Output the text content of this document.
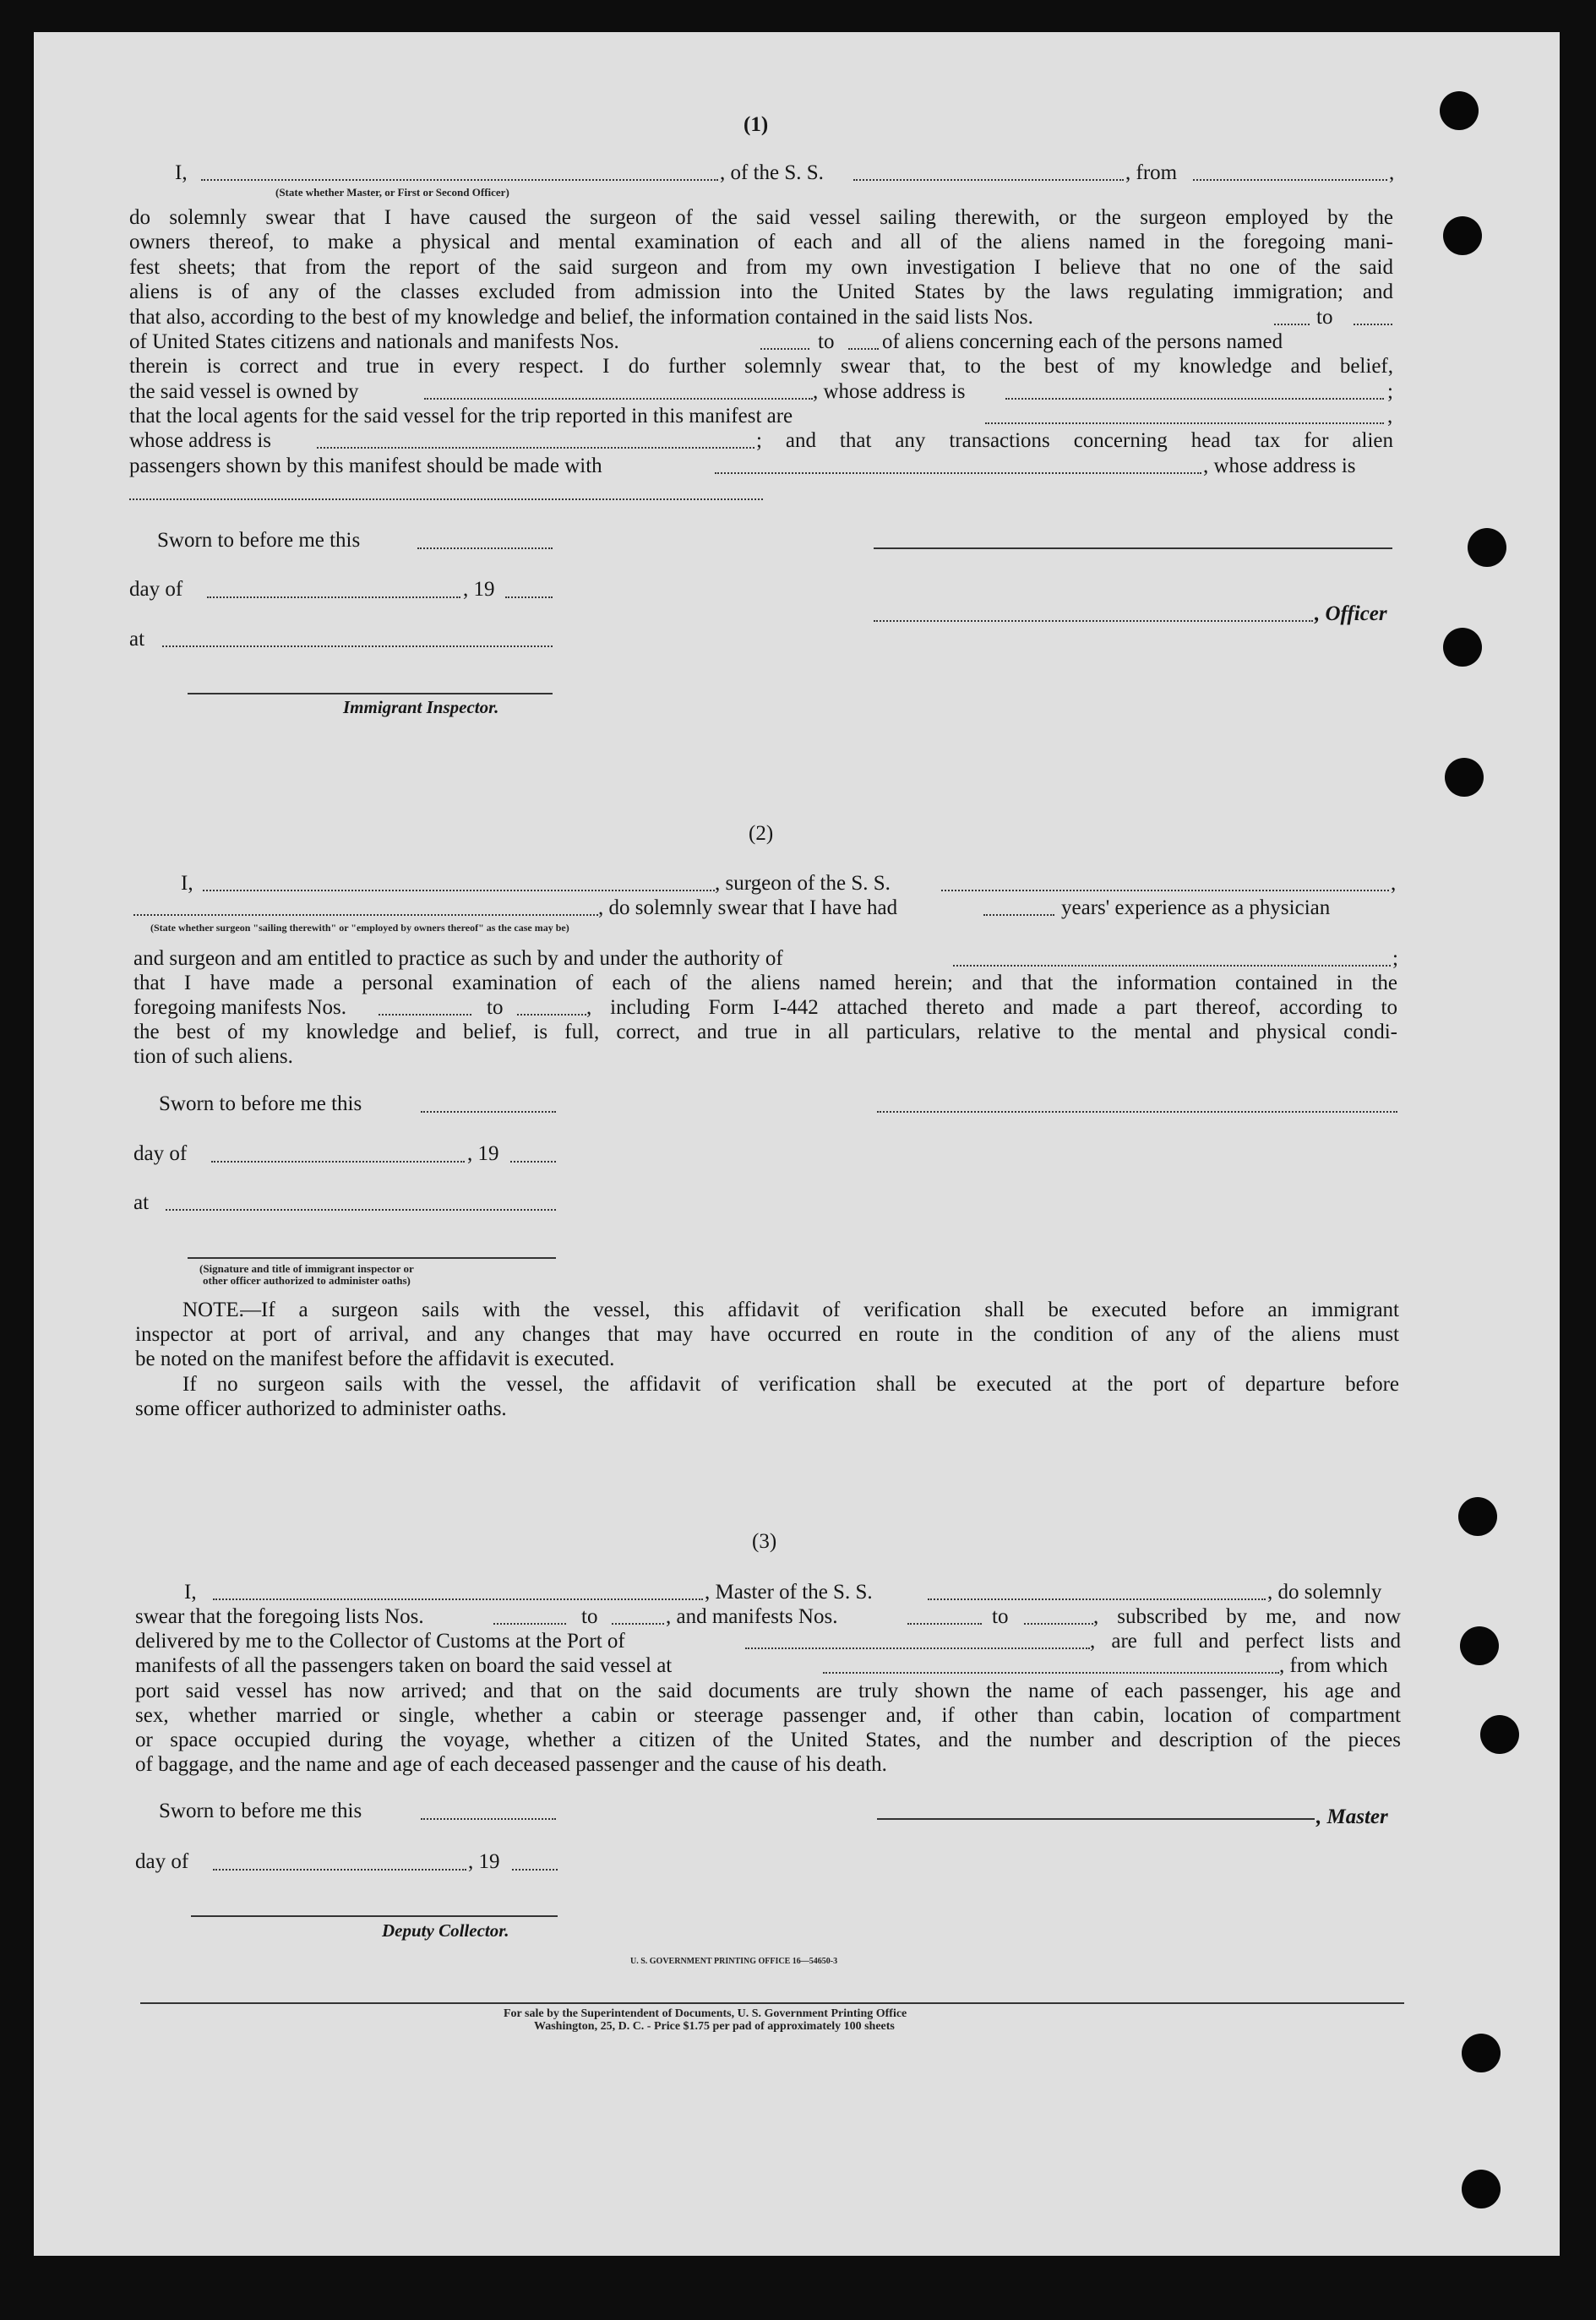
(1)
I,	, of the S. S.	, from	,
(State whether Master, or First or Second Officer)
do solemnly swear that I have caused the surgeon of the said vessel sailing therewith, or the surgeon employed by the
owners thereof, to make a physical and mental examination of each and all of the aliens named in the foregoing mani-
fest sheets; that from the report of the said surgeon and from my own investigation I believe that no one of the said
aliens is of any of the classes excluded from admission into the United States by the laws regulating immigration; and
that also, according to the best of my knowledge and belief, the information contained in the said lists Nos.	to
of United States citizens and nationals and manifests Nos.	to of aliens concerning each of the persons named
therein is correct and true in every respect. I do further solemnly swear that, to the best of my knowledge and belief,
the said vessel is owned by	, whose address is	;
that the local agents for the said vessel for the trip reported in this manifest are	,
whose address is	; and that any transactions concerning head tax for alien
passengers shown by this manifest should be made with	, whose address is
Sworn to before me this
day of	, 19
, Officer
at
Immigrant Inspector.
(2)
I,	, surgeon of the S. S.	,
, do solemnly swear that I have had	years' experience as a physician
(State whether surgeon "sailing therewith" or "employed by owners thereof" as the case may be)
and surgeon and am entitled to practice as such by and under the authority of	;
that I have made a personal examination of each of the aliens named herein; and that the information contained in the
foregoing manifests Nos.	to	, including Form I-442 attached thereto and made a part thereof, according to
the best of my knowledge and belief, is full, correct, and true in all particulars, relative to the mental and physical condi-
tion of such aliens.
Sworn to before me this
day of	, 19
at
(Signature and title of immigrant inspector or
other officer authorized to administer oaths)
NOTE.
—If a surgeon sails with the vessel, this affidavit of verification shall be executed before an immigrant
inspector at port of arrival, and any changes that may have occurred en route in the condition of any of the aliens must
be noted on the manifest before the affidavit is executed.
If no surgeon sails with the vessel, the affidavit of verification shall be executed at the port of departure before
some officer authorized to administer oaths.
(3)
I,	, Master of the S. S.	, do solemnly
swear that the foregoing lists Nos.	to	, and manifests Nos.	to	, subscribed by me, and now
delivered by me to the Collector of Customs at the Port of	, are full and perfect lists and
manifests of all the passengers taken on board the said vessel at	, from which
port said vessel has now arrived; and that on the said documents are truly shown the name of each passenger, his age and
sex, whether married or single, whether a cabin or steerage passenger and, if other than cabin, location of compartment
or space occupied during the voyage, whether a citizen of the United States, and the number and description of the pieces
of baggage, and the name and age of each deceased passenger and the cause of his death.
Sworn to before me this	, Master
day of	, 19
Deputy Collector.
U. S. GOVERNMENT PRINTING OFFICE 16—54650-3
For sale by the Superintendent of Documents, U. S. Government Printing Office
Washington, 25, D. C. - Price $1.75 per pad of approximately 100 sheets
